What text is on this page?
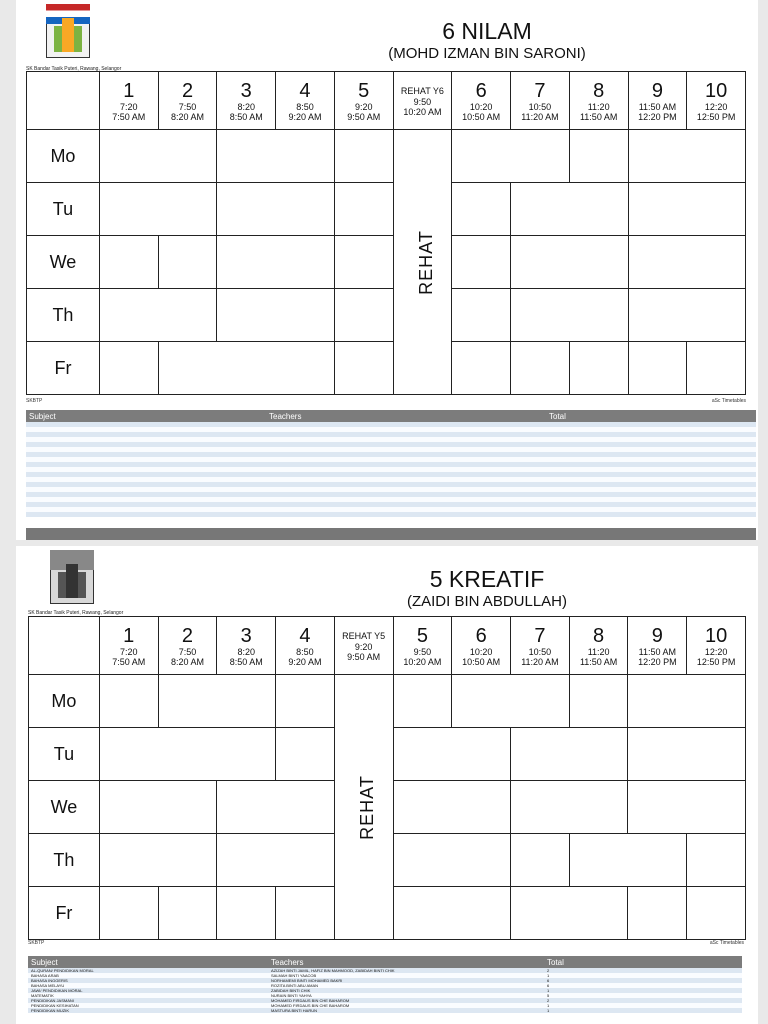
SK Bandar Tasik Puteri, Rawang, Selangor
6 NILAM
(MOHD IZMAN BIN SARONI)

	1
7:20
7:50 AM	2
7:50
8:20 AM	3
8:20
8:50 AM	4
8:50
9:20 AM	5
9:20
9:50 AM	REHAT Y6
9:50
10:20 AM	6
10:20
10:50 AM	7
10:50
11:20 AM	8
11:20
11:50 AM	9
11:50 AM
12:20 PM	10
12:20
12:50 PM

Mo						REHAT					
Tu											
We											
Th											
Fr											
SKBTP	aSc Timetables
Subject	Teachers	Total

SK Bandar Tasik Puteri, Rawang, Selangor
5 KREATIF
(ZAIDI BIN ABDULLAH)

	1
7:20
7:50 AM	2
7:50
8:20 AM	3
8:20
8:50 AM	4
8:50
9:20 AM	REHAT Y5
9:20
9:50 AM	5
9:50
10:20 AM	6
10:20
10:50 AM	7
10:50
11:20 AM	8
11:20
11:50 AM	9
11:50 AM
12:20 PM	10
12:20
12:50 PM

Mo					REHAT						
Tu											
We											
Th											
Fr											
SKBTP	aSc Timetables
Subject	Teachers	Total
AL-QURAN/ PENDIDIKAN MORAL	AZIZAH BINTI JAMIL, HAFIZ BIN MAHMOOD, ZABIDAH BINTI CHIK	2
BAHASA ARAB	SALMAH BINTI YAACOB	1
BAHASA INGGERIS	NORHAMEMI BINTI MOHAMED BAKRI	6
BAHASA MELAYU	ROZITA BINTI ABU AMAN	6
JAWI/ PENDIDIKAN MORAL	ZABIDAH BINTI CHIK	1
MATEMATIK	NURAIN BINTI YAHYA	5
PENDIDIKAN JASMANI	MOHAMED FIRDAUS BIN CHE BAHAROM	2
PENDIDIKAN KESIHATAN	MOHAMED FIRDAUS BIN CHE BAHAROM	1
PENDIDIKAN MUZIK	MASTURA BINTI HARUN	1
